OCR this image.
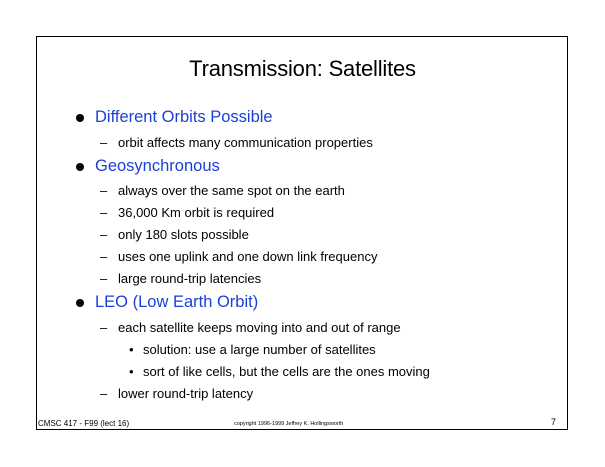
Transmission: Satellites
Different Orbits Possible
– orbit affects many communication properties
Geosynchronous
– always over the same spot on the earth
– 36,000 Km orbit is required
– only 180 slots possible
– uses one uplink and one down link frequency
– large round-trip latencies
LEO (Low Earth Orbit)
– each satellite keeps moving into and out of range
• solution: use a large number of satellites
• sort of like cells, but the cells are the ones moving
– lower round-trip latency
CMSC 417 - F99 (lect 16)	copyright 1996-1999 Jeffrey K. Hollingsworth	7
